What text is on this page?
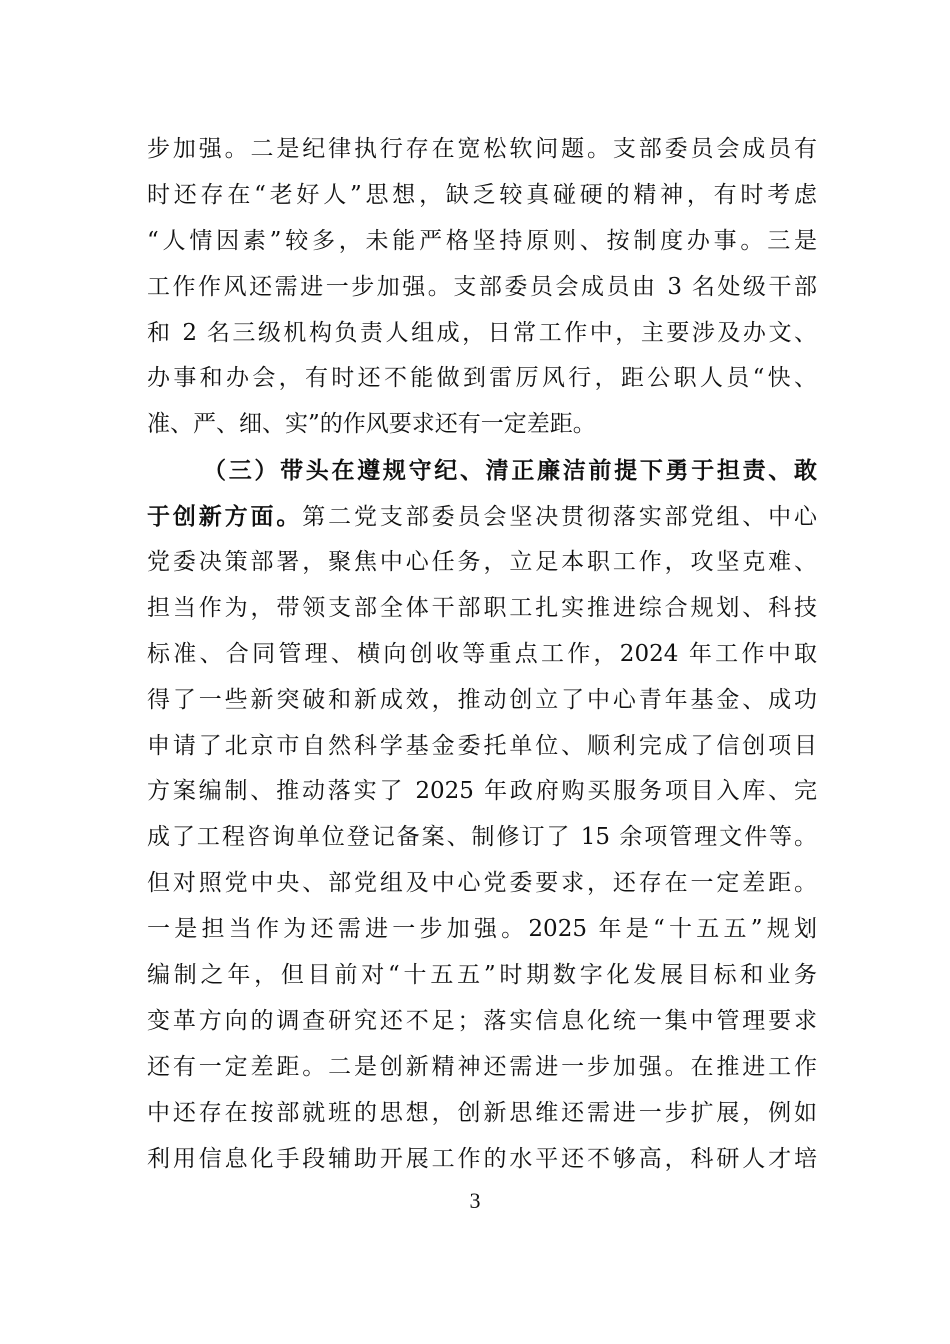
步加强。二是纪律执行存在宽松软问题。支部委员会成员有
时还存在“老好人”思想，缺乏较真碰硬的精神，有时考虑
“人情因素”较多，未能严格坚持原则、按制度办事。三是
工作作风还需进一步加强。支部委员会成员由 3 名处级干部
和 2 名三级机构负责人组成，日常工作中，主要涉及办文、
办事和办会，有时还不能做到雷厉风行，距公职人员“快、
准、严、细、实”的作风要求还有一定差距。
（三）带头在遵规守纪、清正廉洁前提下勇于担责、敢
于创新方面。第二党支部委员会坚决贯彻落实部党组、中心
党委决策部署，聚焦中心任务，立足本职工作，攻坚克难、
担当作为，带领支部全体干部职工扎实推进综合规划、科技
标准、合同管理、横向创收等重点工作，2024 年工作中取
得了一些新突破和新成效，推动创立了中心青年基金、成功
申请了北京市自然科学基金委托单位、顺利完成了信创项目
方案编制、推动落实了 2025 年政府购买服务项目入库、完
成了工程咨询单位登记备案、制修订了 15 余项管理文件等。
但对照党中央、部党组及中心党委要求，还存在一定差距。
一是担当作为还需进一步加强。2025 年是“十五五”规划
编制之年，但目前对“十五五”时期数字化发展目标和业务
变革方向的调查研究还不足；落实信息化统一集中管理要求
还有一定差距。二是创新精神还需进一步加强。在推进工作
中还存在按部就班的思想，创新思维还需进一步扩展，例如
利用信息化手段辅助开展工作的水平还不够高，科研人才培
3
